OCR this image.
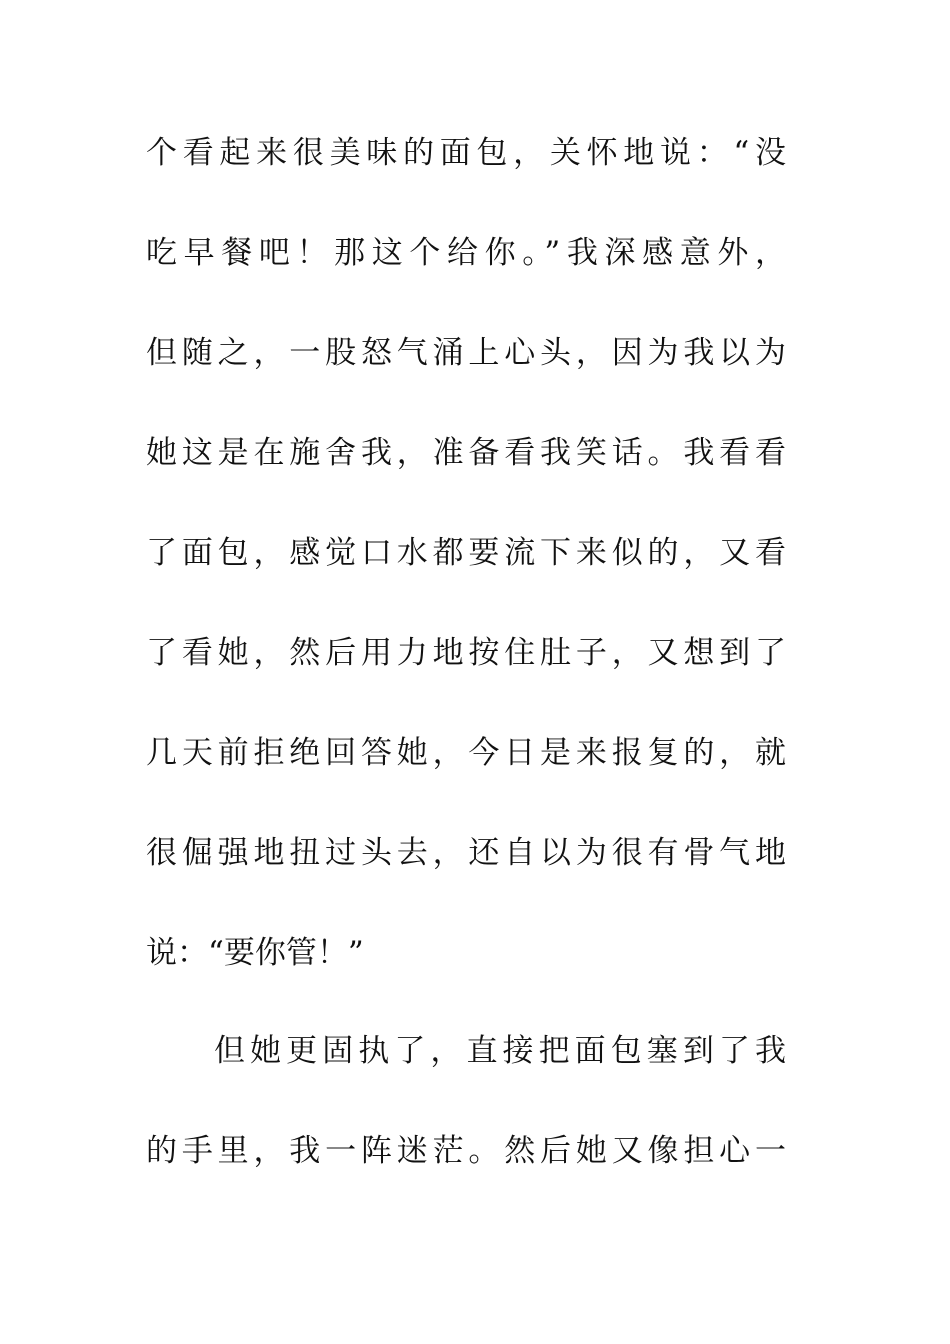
个看起来很美味的面包，关怀地说：“没
吃早餐吧！那这个给你。”我深感意外，
但随之，一股怒气涌上心头，因为我以为
她这是在施舍我，准备看我笑话。我看看
了面包，感觉口水都要流下来似的，又看
了看她，然后用力地按住肚子，又想到了
几天前拒绝回答她，今日是来报复的，就
很倔强地扭过头去，还自以为很有骨气地
说：“要你管！”
但她更固执了，直接把面包塞到了我
的手里，我一阵迷茫。然后她又像担心一
